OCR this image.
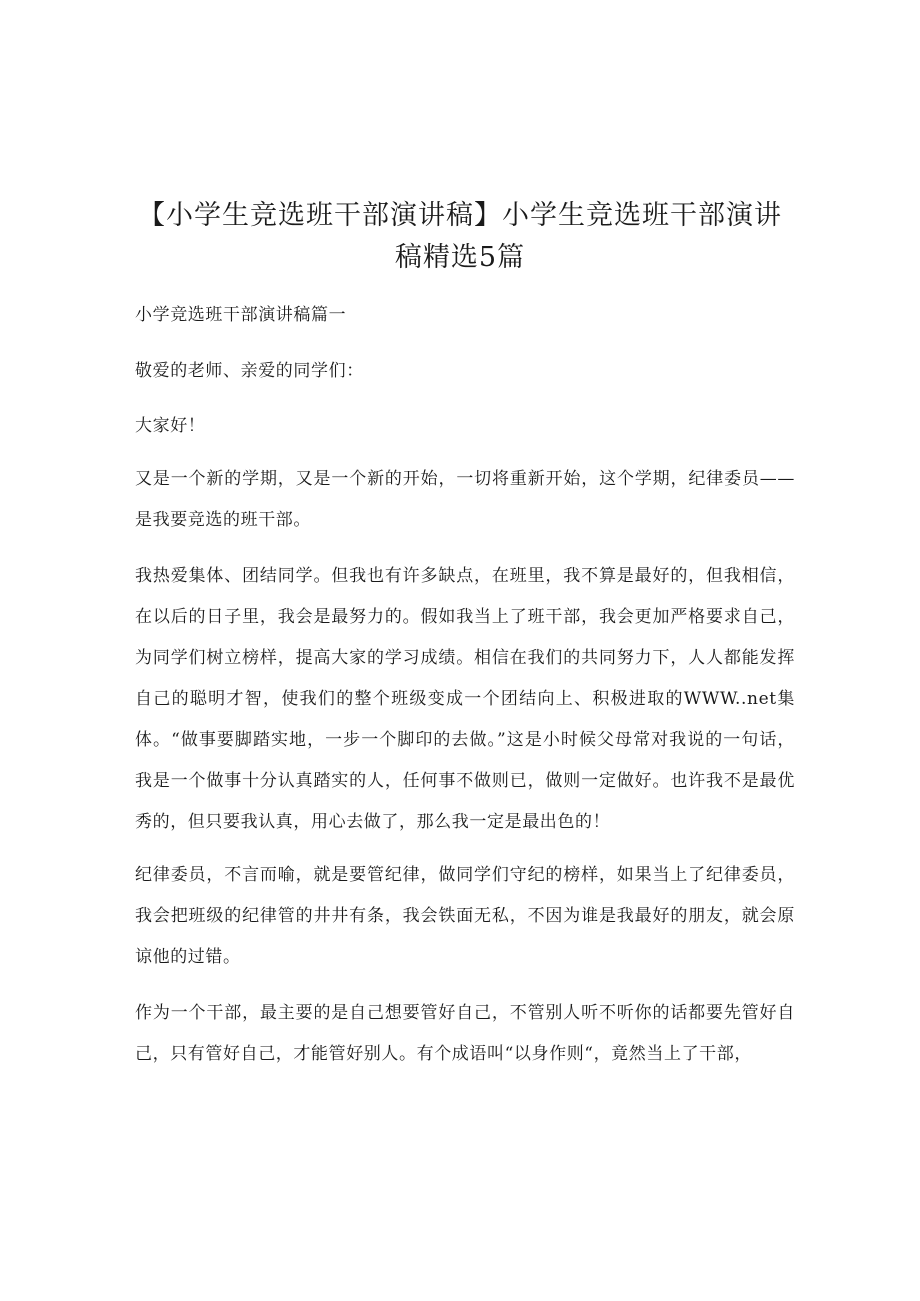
【小学生竞选班干部演讲稿】小学生竞选班干部演讲
稿精选5篇

小学竞选班干部演讲稿篇一

敬爱的老师、亲爱的同学们：

大家好！

又是一个新的学期，又是一个新的开始，一切将重新开始，这个学期，纪律委员——是我要竞选的班干部。

我热爱集体、团结同学。但我也有许多缺点，在班里，我不算是最好的，但我相信，在以后的日子里，我会是最努力的。假如我当上了班干部，我会更加严格要求自己，为同学们树立榜样，提高大家的学习成绩。相信在我们的共同努力下，人人都能发挥自己的聪明才智，使我们的整个班级变成一个团结向上、积极进取的WWW..net集体。“做事要脚踏实地，一步一个脚印的去做。”这是小时候父母常对我说的一句话，我是一个做事十分认真踏实的人，任何事不做则已，做则一定做好。也许我不是最优秀的，但只要我认真，用心去做了，那么我一定是最出色的！

纪律委员，不言而喻，就是要管纪律，做同学们守纪的榜样，如果当上了纪律委员，我会把班级的纪律管的井井有条，我会铁面无私，不因为谁是我最好的朋友，就会原谅他的过错。

作为一个干部，最主要的是自己想要管好自己，不管别人听不听你的话都要先管好自己，只有管好自己，才能管好别人。有个成语叫“以身作则“，竟然当上了干部，
